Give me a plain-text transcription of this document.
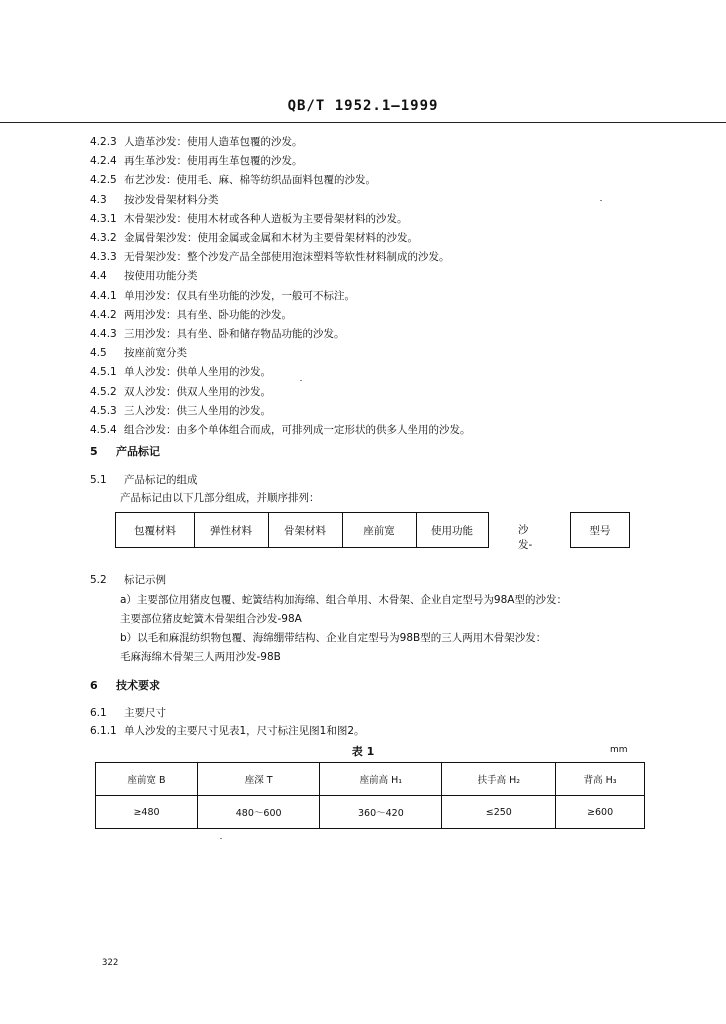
QB/T 1952.1—1999
4.2.3 人造革沙发：使用人造革包覆的沙发。
4.2.4 再生革沙发：使用再生革包覆的沙发。
4.2.5 布艺沙发：使用毛、麻、棉等纺织品面料包覆的沙发。
4.3 按沙发骨架材料分类
4.3.1 木骨架沙发：使用木材或各种人造板为主要骨架材料的沙发。
4.3.2 金属骨架沙发：使用金属或金属和木材为主要骨架材料的沙发。
4.3.3 无骨架沙发：整个沙发产品全部使用泡沫塑料等软性材料制成的沙发。
4.4 按使用功能分类
4.4.1 单用沙发：仅具有坐功能的沙发，一般可不标注。
4.4.2 两用沙发：具有坐、卧功能的沙发。
4.4.3 三用沙发：具有坐、卧和储存物品功能的沙发。
4.5 按座前宽分类
4.5.1 单人沙发：供单人坐用的沙发。
4.5.2 双人沙发：供双人坐用的沙发。
4.5.3 三人沙发：供三人坐用的沙发。
4.5.4 组合沙发：由多个单体组合而成，可排列成一定形状的供多人坐用的沙发。
5 产品标记
5.1 产品标记的组成
产品标记由以下几部分组成，并顺序排列：
包覆材料	弹性材料	骨架材料	座前宽	使用功能	沙发-
型号
5.2 标记示例
a）主要部位用猪皮包覆、蛇簧结构加海绵、组合单用、木骨架、企业自定型号为98A型的沙发：
主要部位猪皮蛇簧木骨架组合沙发-98A
b）以毛和麻混纺织物包覆、海绵绷带结构、企业自定型号为98B型的三人两用木骨架沙发：
毛麻海绵木骨架三人两用沙发-98B
6 技术要求
6.1 主要尺寸
6.1.1 单人沙发的主要尺寸见表1，尺寸标注见图1和图2。
表 1	mm
座前宽 B	座深 T	座前高 H₁	扶手高 H₂	背高 H₃
≥480	480～600	360～420	≤250	≥600
322
